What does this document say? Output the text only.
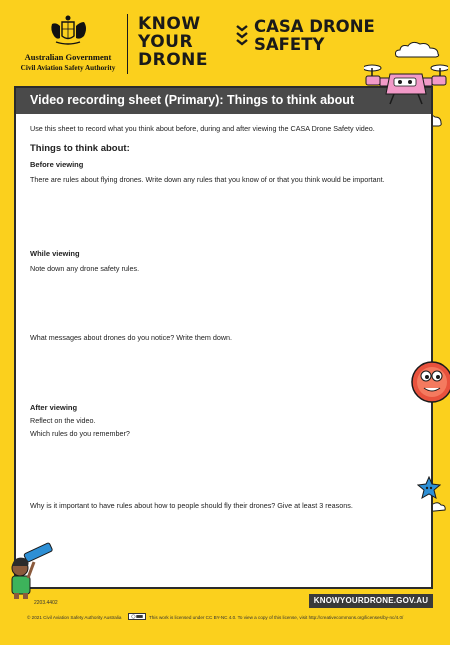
Australian Government
Civil Aviation Safety Authority
KNOW
YOUR
DRONE
CASA DRONE
SAFETY
Video recording sheet (Primary): Things to think about
Use this sheet to record what you think about before, during and after viewing the CASA Drone Safety video.
Things to think about:
Before viewing
There are rules about flying drones. Write down any rules that you know of or that you think would be important.
While viewing
Note down any drone safety rules.
What messages about drones do you notice? Write them down.
After viewing
Reflect on the video.
Which rules do you remember?
Why is it important to have rules about how to people should fly their drones? Give at least 3 reasons.
2203.4402	KNOWYOURDRONE.GOV.AU
© 2021 Civil Aviation Safety Authority Australia	This work is licensed under CC BY-NC 4.0. To view a copy of this license, visit http://creativecommons.org/licenses/by-nc/4.0/
